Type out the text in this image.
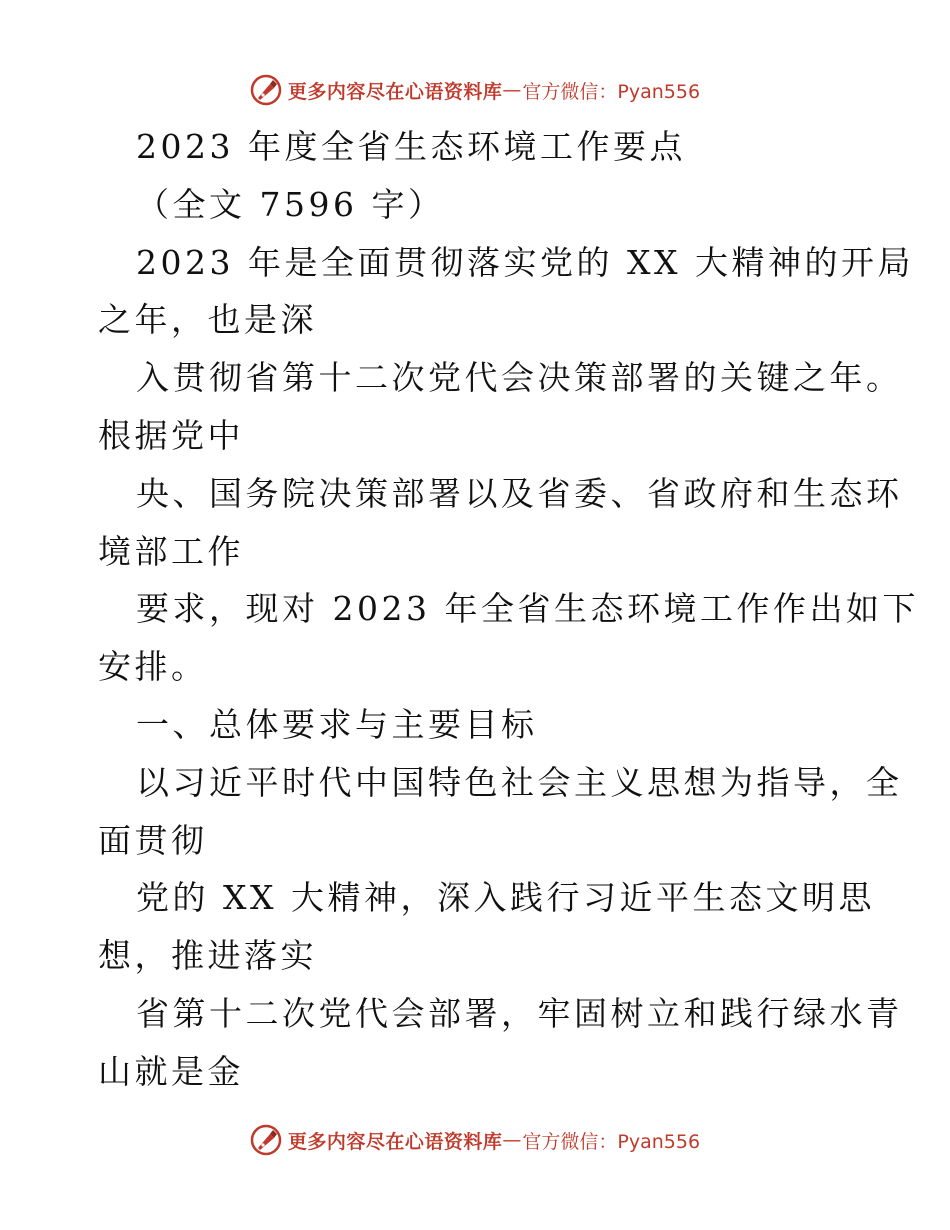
更多内容尽在心语资料库 — 官方微信：Pyan556
2023 年度全省生态环境工作要点
（全文 7596 字）
2023 年是全面贯彻落实党的 XX 大精神的开局
之年，也是深
入贯彻省第十二次党代会决策部署的关键之年。
根据党中
央、国务院决策部署以及省委、省政府和生态环
境部工作
要求，现对 2023 年全省生态环境工作作出如下
安排。
一、总体要求与主要目标
以习近平时代中国特色社会主义思想为指导，全
面贯彻
党的 XX 大精神，深入践行习近平生态文明思
想，推进落实
省第十二次党代会部署，牢固树立和践行绿水青
山就是金
更多内容尽在心语资料库 — 官方微信：Pyan556
